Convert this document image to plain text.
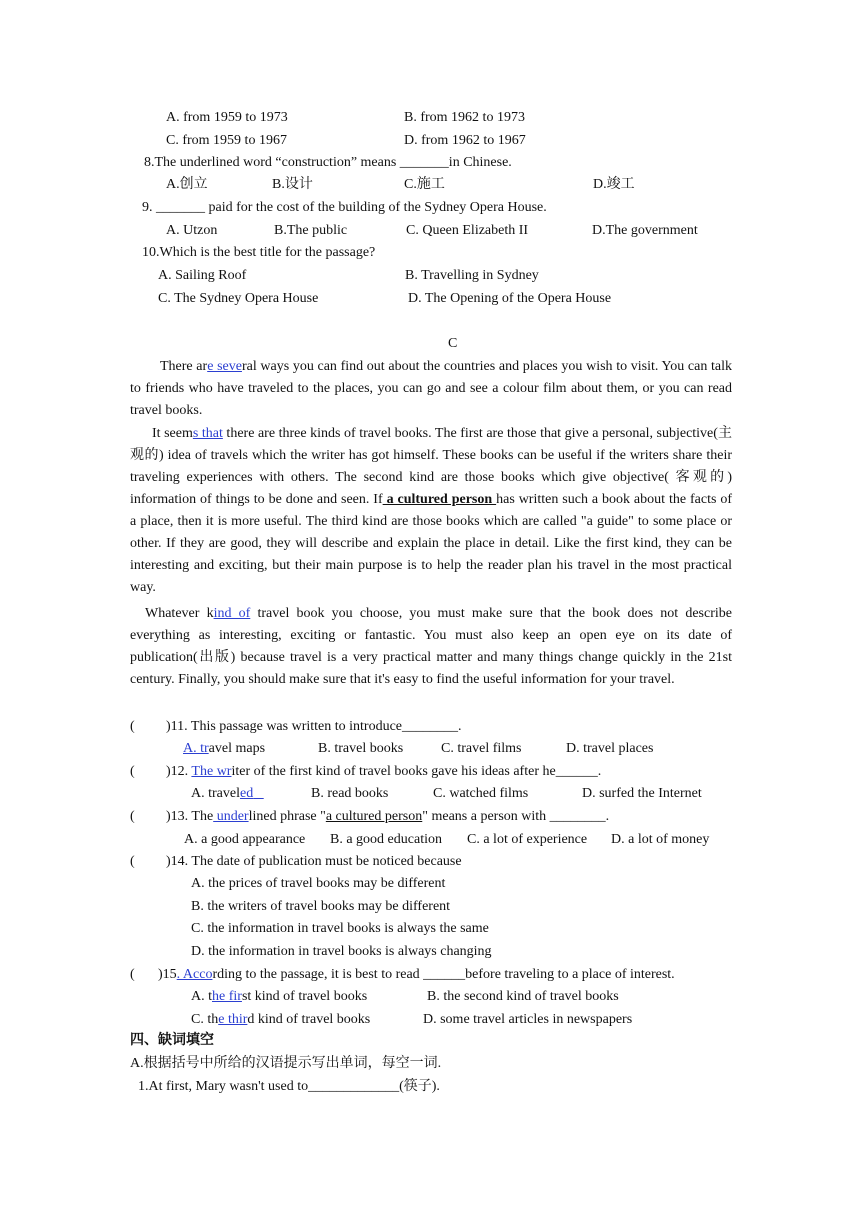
A. from 1959 to 1973	B. from 1962 to 1973
C. from 1959 to 1967	D. from 1962 to 1967
8.The underlined word “construction” means _______in Chinese.
A.创立	B.设计	C.施工	D.竣工
9. _______ paid for the cost of the building of the Sydney Opera House.
A. Utzon	B.The public	C. Queen Elizabeth II	D.The government
10.Which is the best title for the passage?
A. Sailing Roof	B. Travelling in Sydney
C. The Sydney Opera House	D. The Opening of the Opera House
C
There are several ways you can find out about the countries and places you wish to visit. You can talk to friends who have traveled to the places, you can go and see a colour film about them, or you can read travel books.
It seems that there are three kinds of travel books. The first are those that give a personal, subjective(主观的) idea of travels which the writer has got himself. These books can be useful if the writers share their traveling experiences with others. The second kind are those books which give objective( 客观的) information of things to be done and seen. If a cultured person has written such a book about the facts of a place, then it is more useful. The third kind are those books which are called "a guide" to some place or other. If they are good, they will describe and explain the place in detail. Like the first kind, they can be interesting and exciting, but their main purpose is to help the reader plan his travel in the most practical way.
Whatever kind of travel book you choose, you must make sure that the book does not describe everything as interesting, exciting or fantastic. You must also keep an open eye on its date of publication(出版) because travel is a very practical matter and many things change quickly in the 21st century. Finally, you should make sure that it's easy to find the useful information for your travel.
( )11. This passage was written to introduce________.
A. travel maps	B. travel books	C. travel films	D. travel places
( )12. The writer of the first kind of travel books gave his ideas after he______.
A. traveled	B. read books	C. watched films	D. surfed the Internet
( )13. The underlined phrase "a cultured person" means a person with ________.
A. a good appearance B. a good education C. a lot of experience D. a lot of money
( )14. The date of publication must be noticed because
A. the prices of travel books may be different
B. the writers of travel books may be different
C. the information in travel books is always the same
D. the information in travel books is always changing
( )15. According to the passage, it is best to read ______before traveling to a place of interest.
A. the first kind of travel books	B. the second kind of travel books
C. the third kind of travel books	D. some travel articles in newspapers
四、缺词填空
A.根据括号中所给的汉语提示写出单词，每空一词.
1.At first, Mary wasn't used to_____________(筷子).
